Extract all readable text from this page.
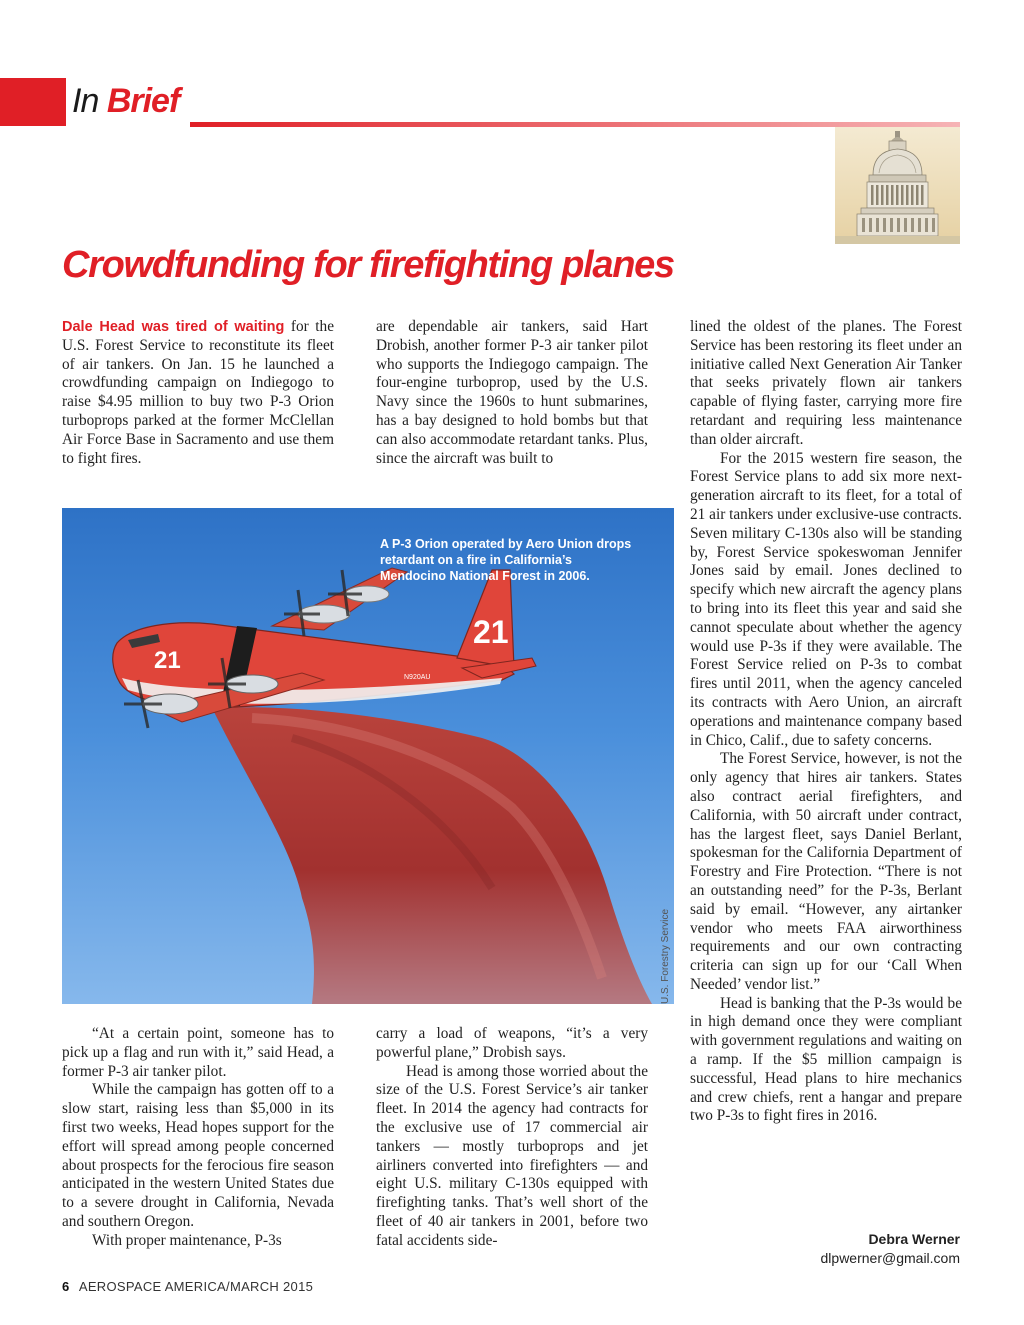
In Brief
Crowdfunding for firefighting planes

Dale Head was tired of waiting for the U.S. Forest Service to reconstitute its fleet of air tankers. On Jan. 15 he launched a crowdfunding campaign on Indiegogo to raise $4.95 million to buy two P-3 Orion turboprops parked at the former McClellan Air Force Base in Sacramento and use them to fight fires.

are dependable air tankers, said Hart Drobish, another former P-3 air tanker pilot who supports the Indiegogo campaign. The four-engine turboprop, used by the U.S. Navy since the 1960s to hunt submarines, has a bay designed to hold bombs but that can also accommodate retardant tanks. Plus, since the aircraft was built to

lined the oldest of the planes. The Forest Service has been restoring its fleet under an initiative called Next Generation Air Tanker that seeks privately flown air tankers capable of flying faster, carrying more fire retardant and requiring less maintenance than older aircraft.

For the 2015 western fire season, the Forest Service plans to add six more next-generation aircraft to its fleet, for a total of 21 air tankers under exclusive-use contracts. Seven military C-130s also will be standing by, Forest Service spokeswoman Jennifer Jones said by email. Jones declined to specify which new aircraft the agency plans to bring into its fleet this year and said she cannot speculate about whether the agency would use P-3s if they were available. The Forest Service relied on P-3s to combat fires until 2011, when the agency canceled its contracts with Aero Union, an aircraft operations and maintenance company based in Chico, Calif., due to safety concerns.

The Forest Service, however, is not the only agency that hires air tankers. States also contract aerial firefighters, and California, with 50 aircraft under contract, has the largest fleet, says Daniel Berlant, spokesman for the California Department of Forestry and Fire Protection. “There is not an outstanding need” for the P-3s, Berlant said by email. “However, any airtanker vendor who meets FAA airworthiness requirements and our own contracting criteria can sign up for our ‘Call When Needed’ vendor list.”

Head is banking that the P-3s would be in high demand once they were compliant with government regulations and waiting on a ramp. If the $5 million campaign is successful, Head plans to hire mechanics and crew chiefs, rent a hangar and prepare two P-3s to fight fires in 2016.

21
21
N920AU
A P-3 Orion operated by Aero Union drops retardant on a fire in California’s Mendocino National Forest in 2006.
U.S. Forestry Service

“At a certain point, someone has to pick up a flag and run with it,” said Head, a former P-3 air tanker pilot.

While the campaign has gotten off to a slow start, raising less than $5,000 in its first two weeks, Head hopes support for the effort will spread among people concerned about prospects for the ferocious fire season anticipated in the western United States due to a severe drought in California, Nevada and southern Oregon.

With proper maintenance, P-3s

carry a load of weapons, “it’s a very powerful plane,” Drobish says.

Head is among those worried about the size of the U.S. Forest Service’s air tanker fleet. In 2014 the agency had contracts for the exclusive use of 17 commercial air tankers — mostly turboprops and jet airliners converted into firefighters — and eight U.S. military C-130s equipped with firefighting tanks. That’s well short of the fleet of 40 air tankers in 2001, before two fatal accidents side-	Debra Werner
dlpwerner@gmail.com
6 AEROSPACE AMERICA/MARCH 2015
